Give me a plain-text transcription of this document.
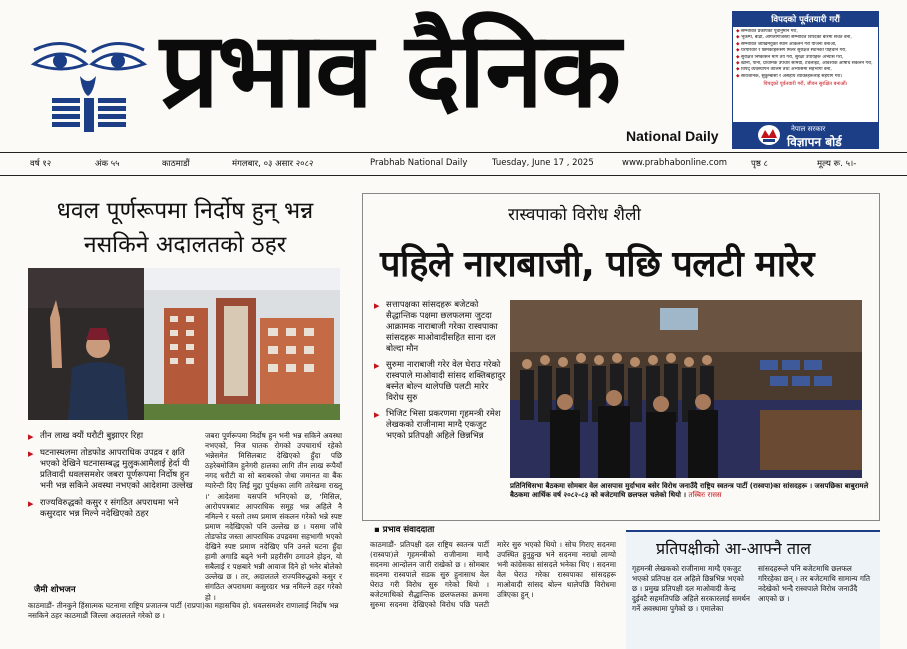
प्रभाव दैनिक
National Daily
विपदको पूर्वतयारी गरौं
◆ सम्भावित प्रकोपको पूर्वानुमान गरौं,
◆ भूकम्प, बाढी, आगलागीजस्ता सम्भावित विपदको बारेमा सचेत बनौं,
◆ सम्भावित जोखिमयुक्त स्थान आंकलन गरी योजना बनाऔं,
◆ घरपरिवार र छिमेकीहरूसँग मिलेर सुरक्षित स्थानको पहिचान गरौं,
◆ सुरक्षित निष्कासन मार्ग तय गरौं, सुरक्षा उपायहरू अभ्यास गरौं,
◆ खाना, पानी, प्राथमिक उपचार सामग्री, टर्चलाइट, आवश्यक औषधि संकलन गरौं,
◆ विपद् व्यवस्थापन तालिम तथा अभ्यासमा सहभागी बनौं,
◆ सार्वजनिक, सुकुम्बासी र असहाय व्यक्तिहरूलाई सहयोग गरौं।
विपद्को पूर्वतयारी गरौं, जीवन सुरक्षित बनाऔं।
नेपाल सरकार
विज्ञापन बोर्ड
वर्ष १२	अंक ५५	काठमाडौं	मंगलबार, ०३ असार २०८२	Prabhab National Daily	Tuesday, June 17 , 2025	www.prabhabonline.com	पृष्ठ ८	मूल्य रू. ५।-
धवल पूर्णरूपमा निर्दोष हुन् भन्न नसकिने अदालतको ठहर
▸ तीन लाख क्यौं घरौटी बुझाएर रिहा
▸ घटनास्थलमा तोडफोड आपराधिक उपद्रव र क्षति भएको देखिने घटनासम्बद्ध मुलुकआमैलाई हेर्दा यी प्रतिवादी धवलसमशेर जबरा पूर्णरूपमा निर्दोष हुन भनी भन्न सकिने अवस्था नभएको आदेशमा उल्लेख
▸ राज्यविरुद्धको कसुर र संगठित अपराधमा भने कसुरदार भन्न मिल्ने नदेखिएको ठहर
जबरा पूर्णरूपमा निर्दोष हुन भनी भन्न सकिने अवस्था नभएको, निज घातक रोगको उपचारार्थ रहेको भन्नेसमेत मिसिलबाट देखिएको हुँदा पछि ठहरेबमोजिम हुनेगरी हालका लागि तीन लाख रूपैयाँ नगद धरौटी वा सो बराबरको जेथा जमानत वा बैंक ग्यारेन्टी दिए लिई मुद्दा पुर्पक्षका लागि तारेखमा राख्नू ।' आदेशमा यसपनि भनिएको छ, 'मिसिल, आरोपपत्रबाट आपराधिक समूह भन्न अहिले नै नमिल्ने र यस्तो तथ्य प्रमाण संकलन गरेको भन्ने स्पष्ट प्रमाण नदेखिएको पनि उल्लेख छ । यसमा जाँचे तोडफोड जस्ता आपराधिक उपद्रवमा सहभागी भएको देखिने स्पष्ट प्रमाण नदेखिए पनि उनले घटना हुँदा हामी अगाडि बढ्ने भनी प्रहरीसँग ठगाउने होइन, यो सबैलाई र पक्षबारे भन्नी आवाज दिने हो भनेर बोलेको उल्लेख छ । तर, अदालतले राज्यविरुद्धको कसुर र संगठित अपराधमा कसुरदार भन्न नमिल्ने ठहर गरेको हो ।
जैमी शोभजन
काठमाडौं- तीनकुने हिंसात्मक घटनामा राष्ट्रिय प्रजातन्त्र पार्टी (राप्रपा)का महासचिव हो. धवलसमशेर राणालाई निर्दोष भन्न नसकिने ठहर काठमाडौं जिल्ला अदालतले गरेको छ ।
रास्वपाको विरोध शैली
पहिले नाराबाजी, पछि पलटी मारेर
▸ सत्तापक्षका सांसदहरू बजेटको सैद्धान्तिक पक्षमा छलफलमा जुटदा आक्रामक नाराबाजी गरेका रास्वपाका सांसदहरू माओवादीसहित साना दल बोल्दा मौन
▸ सुरुमा नाराबाजी गरेर वेल घेराउ गरेको रास्वपाले माओवादी सांसद शक्तिबहादुर बस्नेत बोल्न थालेपछि पलटी मारेर विरोध सुरु
▸ भिजिट भिसा प्रकरणमा गृहमन्त्री रमेश लेखकको राजीनामा माग्दै एकजुट भएको प्रतिपक्षी अहिले छिन्नभिन्न
प्रतिनिधिसभा बैठकमा सोमबार वेल आसपास मुर्दाभाव बसेर विरोध जनाउँदै राष्ट्रिय स्वतन्त्र पार्टी (रास्वपा)का सांसदहरू । जसपछिका बाबुरामले बैठकमा आर्थिक वर्ष २०८२-८३ को बजेटमाथि छलफल चलेको थियो । तस्बिरः रासस
▪ प्रभाव संवाददाता
काठमाडौं- प्रतिपक्षी दल राष्ट्रिय स्वतन्त्र पार्टी (रास्वपा)ले गृहमन्त्रीको राजीनामा माग्दै सदनमा आन्दोलन जारी राखेको छ । सोमबार सदनमा रास्वपाले सडक सुरु हुनासाथ वेल घेराउ गरी विरोध सुरु गरेको थियो । बजेटमाथिको सैद्धान्तिक छलफलका क्रममा सुरुमा सदनमा देखिएको विरोध पछि पलटी मारेर सुरु भएको थियो । सोच गिराए सदनमा उपस्थित हुनुहुन्छ भने सदनमा नराम्रो लाग्यो भनी कांग्रेसका सांसदले भनेका थिए । सदनमा वेल घेराउ गरेका रास्वपाका सांसदहरू माओवादी सांसद बोल्न थालेपछि विरोधमा उत्रिएका हुन् ।
प्रतिपक्षीको आ-आफ्नै ताल
गृहमन्त्री लेखकको राजीनामा माग्दै एकजुट भएको प्रतिपक्ष दल अहिले छिन्नभिन्न भएको छ । प्रमुख प्रतिपक्षी दल माओवादी केन्द्र दुईवटै सहमतिपछि अहिले सरकारलाई समर्थन गर्ने अवस्थामा पुगेको छ । एमालेका सांसदहरूले पनि बजेटमाथि छलफल गरिरहेका छन् । तर बजेटमाथि सामान्य गति नदेखेको भन्दै रास्वपाले विरोध जनाउँदै आएको छ ।
